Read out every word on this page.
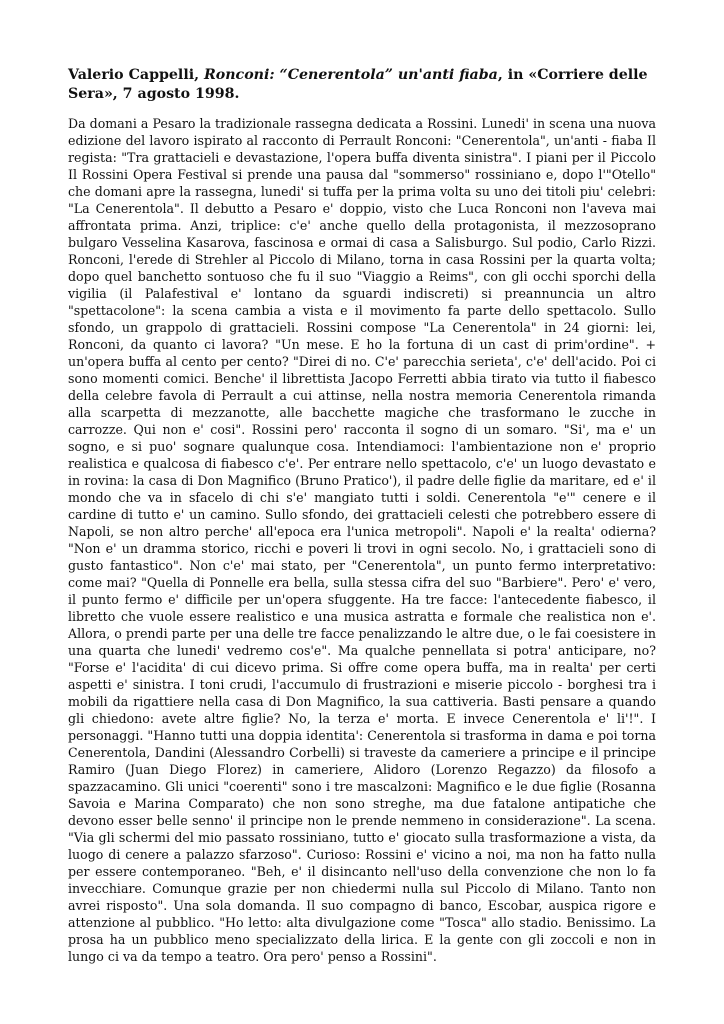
Valerio Cappelli, Ronconi: “Cenerentola” un'anti fiaba, in «Corriere delle Sera», 7 agosto 1998.

Da domani a Pesaro la tradizionale rassegna dedicata a Rossini. Lunedi' in scena una nuova edizione del lavoro ispirato al racconto di Perrault Ronconi: "Cenerentola", un'anti - fiaba Il regista: "Tra grattacieli e devastazione, l'opera buffa diventa sinistra". I piani per il Piccolo Il Rossini Opera Festival si prende una pausa dal "sommerso" rossiniano e, dopo l'"Otello" che domani apre la rassegna, lunedi' si tuffa per la prima volta su uno dei titoli piu' celebri: "La Cenerentola". Il debutto a Pesaro e' doppio, visto che Luca Ronconi non l'aveva mai affrontata prima. Anzi, triplice: c'e' anche quello della protagonista, il mezzosoprano bulgaro Vesselina Kasarova, fascinosa e ormai di casa a Salisburgo. Sul podio, Carlo Rizzi. Ronconi, l'erede di Strehler al Piccolo di Milano, torna in casa Rossini per la quarta volta; dopo quel banchetto sontuoso che fu il suo "Viaggio a Reims", con gli occhi sporchi della vigilia (il Palafestival e' lontano da sguardi indiscreti) si preannuncia un altro "spettacolone": la scena cambia a vista e il movimento fa parte dello spettacolo. Sullo sfondo, un grappolo di grattacieli. Rossini compose "La Cenerentola" in 24 giorni: lei, Ronconi, da quanto ci lavora? "Un mese. E ho la fortuna di un cast di prim'ordine". + un'opera buffa al cento per cento? "Direi di no. C'e' parecchia serieta', c'e' dell'acido. Poi ci sono momenti comici. Benche' il librettista Jacopo Ferretti abbia tirato via tutto il fiabesco della celebre favola di Perrault a cui attinse, nella nostra memoria Cenerentola rimanda alla scarpetta di mezzanotte, alle bacchette magiche che trasformano le zucche in carrozze. Qui non e' cosi". Rossini pero' racconta il sogno di un somaro. "Si', ma e' un sogno, e si puo' sognare qualunque cosa. Intendiamoci: l'ambientazione non e' proprio realistica e qualcosa di fiabesco c'e'. Per entrare nello spettacolo, c'e' un luogo devastato e in rovina: la casa di Don Magnifico (Bruno Pratico'), il padre delle figlie da maritare, ed e' il mondo che va in sfacelo di chi s'e' mangiato tutti i soldi. Cenerentola "e'" cenere e il cardine di tutto e' un camino. Sullo sfondo, dei grattacieli celesti che potrebbero essere di Napoli, se non altro perche' all'epoca era l'unica metropoli". Napoli e' la realta' odierna? "Non e' un dramma storico, ricchi e poveri li trovi in ogni secolo. No, i grattacieli sono di gusto fantastico". Non c'e' mai stato, per "Cenerentola", un punto fermo interpretativo: come mai? "Quella di Ponnelle era bella, sulla stessa cifra del suo "Barbiere". Pero' e' vero, il punto fermo e' difficile per un'opera sfuggente. Ha tre facce: l'antecedente fiabesco, il libretto che vuole essere realistico e una musica astratta e formale che realistica non e'. Allora, o prendi parte per una delle tre facce penalizzando le altre due, o le fai coesistere in una quarta che lunedi' vedremo cos'e". Ma qualche pennellata si potra' anticipare, no? "Forse e' l'acidita' di cui dicevo prima. Si offre come opera buffa, ma in realta' per certi aspetti e' sinistra. I toni crudi, l'accumulo di frustrazioni e miserie piccolo - borghesi tra i mobili da rigattiere nella casa di Don Magnifico, la sua cattiveria. Basti pensare a quando gli chiedono: avete altre figlie? No, la terza e' morta. E invece Cenerentola e' li'!". I personaggi. "Hanno tutti una doppia identita': Cenerentola si trasforma in dama e poi torna Cenerentola, Dandini (Alessandro Corbelli) si traveste da cameriere a principe e il principe Ramiro (Juan Diego Florez) in cameriere, Alidoro (Lorenzo Regazzo) da filosofo a spazzacamino. Gli unici "coerenti" sono i tre mascalzoni: Magnifico e le due figlie (Rosanna Savoia e Marina Comparato) che non sono streghe, ma due fatalone antipatiche che devono esser belle senno' il principe non le prende nemmeno in considerazione". La scena. "Via gli schermi del mio passato rossiniano, tutto e' giocato sulla trasformazione a vista, da luogo di cenere a palazzo sfarzoso". Curioso: Rossini e' vicino a noi, ma non ha fatto nulla per essere contemporaneo. "Beh, e' il disincanto nell'uso della convenzione che non lo fa invecchiare. Comunque grazie per non chiedermi nulla sul Piccolo di Milano. Tanto non avrei risposto". Una sola domanda. Il suo compagno di banco, Escobar, auspica rigore e attenzione al pubblico. "Ho letto: alta divulgazione come "Tosca" allo stadio. Benissimo. La prosa ha un pubblico meno specializzato della lirica. E la gente con gli zoccoli e non in lungo ci va da tempo a teatro. Ora pero' penso a Rossini".
